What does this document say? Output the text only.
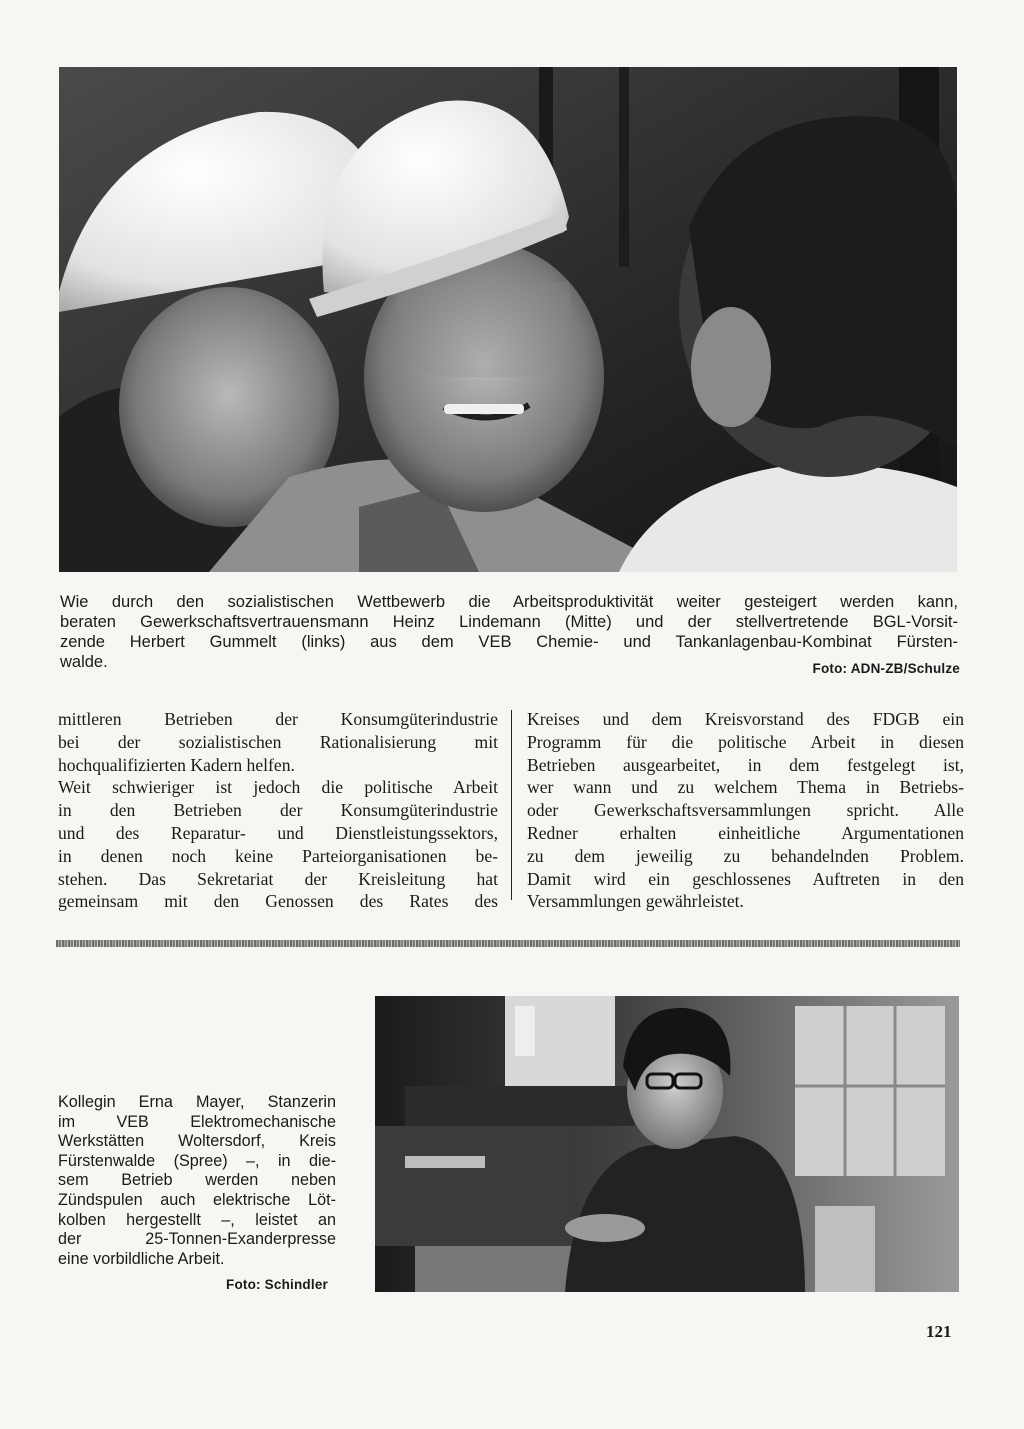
Wie durch den sozialistischen Wettbewerb die Arbeitsproduktivität weiter gesteigert werden kann,
beraten Gewerkschaftsvertrauensmann Heinz Lindemann (Mitte) und der stellvertretende BGL-Vorsit-
zende Herbert Gummelt (links) aus dem VEB Chemie- und Tankanlagenbau-Kombinat Fürsten-
walde.	Foto: ADN-ZB/Schulze

mittleren Betrieben der Konsumgüterindustrie

bei der sozialistischen Rationalisierung mit

hochqualifizierten Kadern helfen.

Weit schwieriger ist jedoch die politische Arbeit

in den Betrieben der Konsumgüterindustrie

und des Reparatur- und Dienstleistungssektors,

in denen noch keine Parteiorganisationen be-

stehen. Das Sekretariat der Kreisleitung hat

gemeinsam mit den Genossen des Rates des

Kreises und dem Kreisvorstand des FDGB ein

Programm für die politische Arbeit in diesen

Betrieben ausgearbeitet, in dem festgelegt ist,

wer wann und zu welchem Thema in Betriebs-

oder Gewerkschaftsversammlungen spricht. Alle

Redner erhalten einheitliche Argumentationen

zu dem jeweilig zu behandelnden Problem.

Damit wird ein geschlossenes Auftreten in den

Versammlungen gewährleistet.

Kollegin Erna Mayer, Stanzerin
im VEB Elektromechanische
Werkstätten Woltersdorf, Kreis
Fürstenwalde (Spree) –, in die-
sem Betrieb werden neben
Zündspulen auch elektrische Löt-
kolben hergestellt –, leistet an
der 25-Tonnen-Exanderpresse
eine vorbildliche Arbeit.
Foto: Schindler
121
